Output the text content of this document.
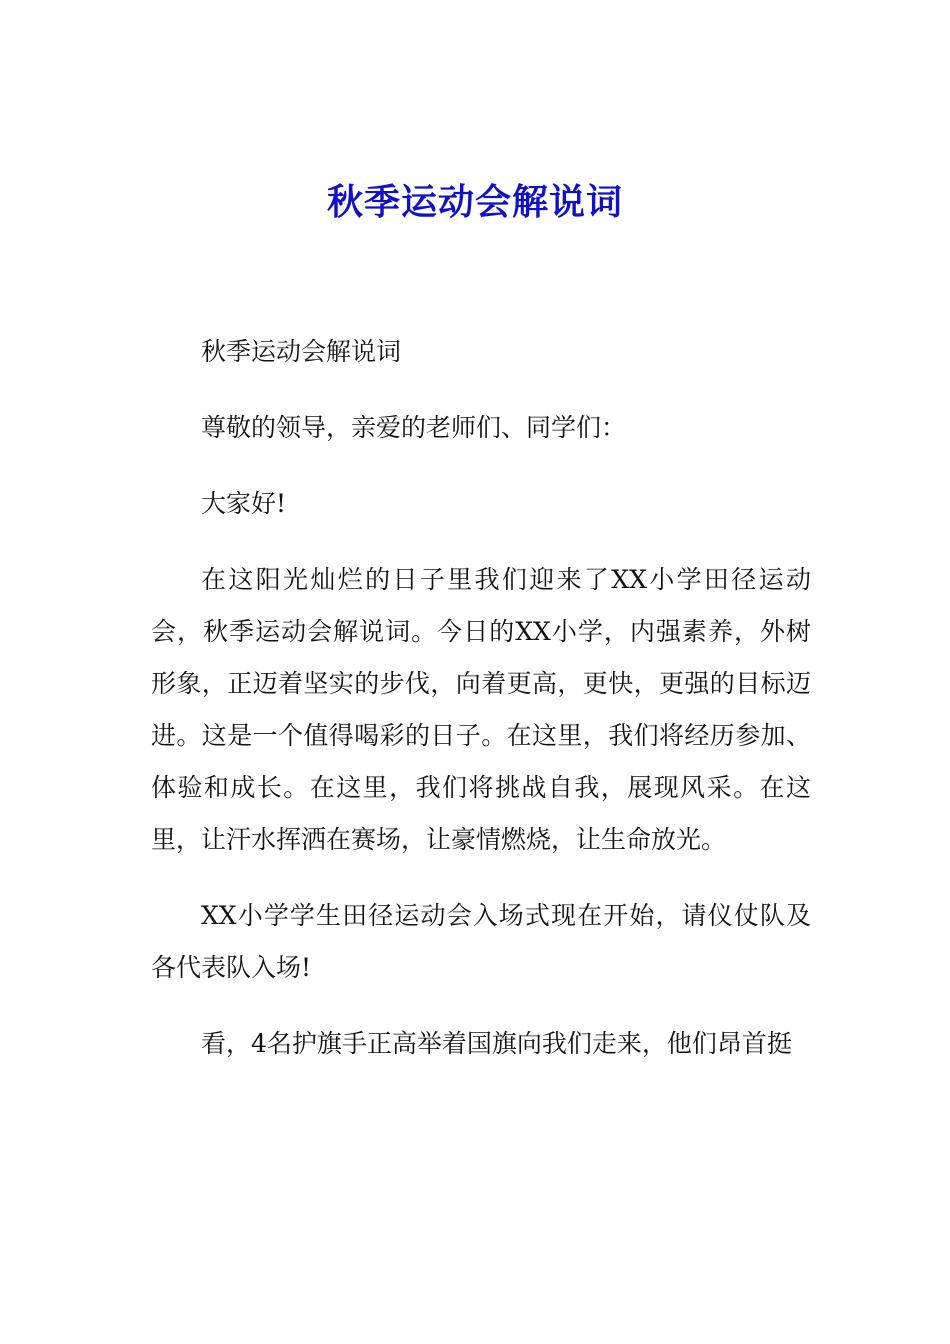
秋季运动会解说词

秋季运动会解说词

尊敬的领导，亲爱的老师们、同学们：

大家好!

在这阳光灿烂的日子里我们迎来了XX小学田径运动会，秋季运动会解说词。今日的XX小学，内强素养，外树形象，正迈着坚实的步伐，向着更高，更快，更强的目标迈进。这是一个值得喝彩的日子。在这里，我们将经历参加、体验和成长。在这里，我们将挑战自我，展现风采。在这里，让汗水挥洒在赛场，让豪情燃烧，让生命放光。

XX小学学生田径运动会入场式现在开始，请仪仗队及各代表队入场!

看，4名护旗手正高举着国旗向我们走来，他们昂首挺
